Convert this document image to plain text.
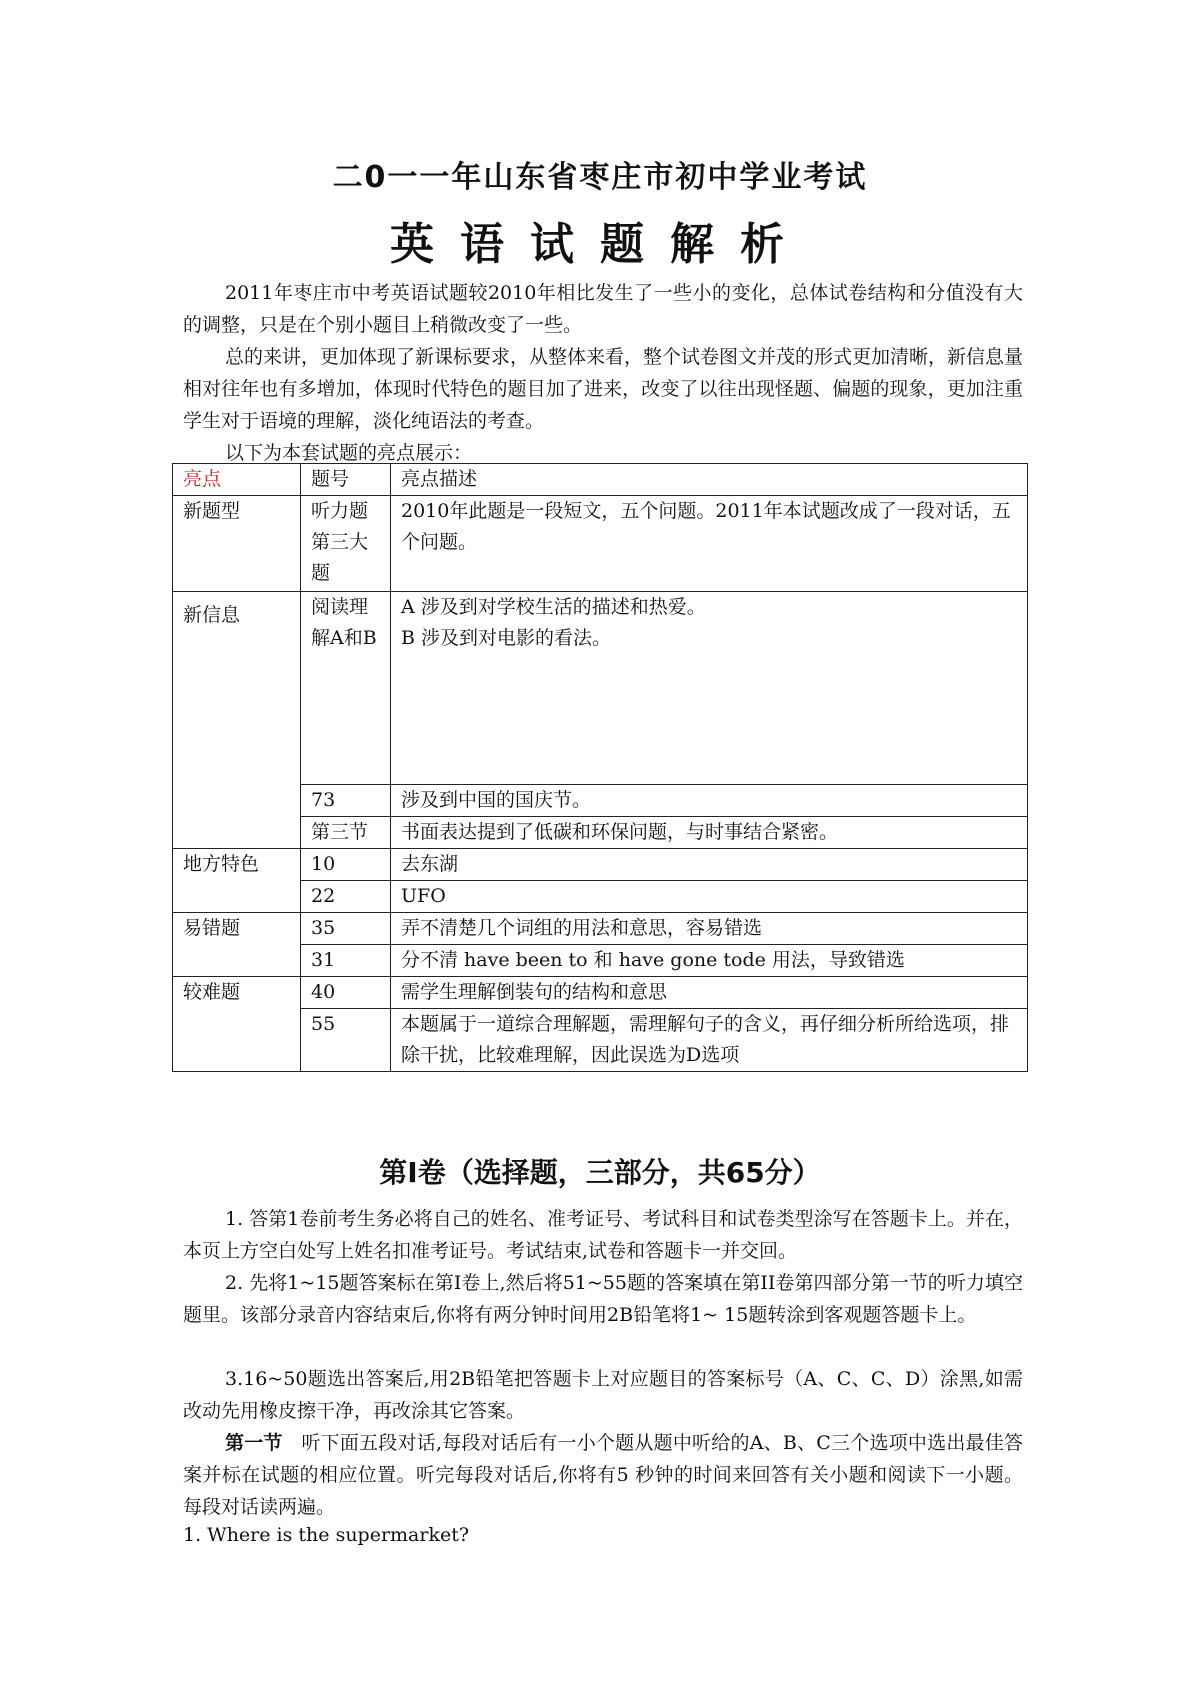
二0一一年山东省枣庄市初中学业考试
英语试题解析
2011年枣庄市中考英语试题较2010年相比发生了一些小的变化，总体试卷结构和分值没有大的调整，只是在个别小题目上稍微改变了一些。
总的来讲，更加体现了新课标要求，从整体来看，整个试卷图文并茂的形式更加清晰，新信息量相对往年也有多增加，体现时代特色的题目加了进来，改变了以往出现怪题、偏题的现象，更加注重学生对于语境的理解，淡化纯语法的考查。
以下为本套试题的亮点展示：
亮点	题号	亮点描述
新题型	听力题第三大题	2010年此题是一段短文，五个问题。2011年本试题改成了一段对话，五个问题。

新信息	阅读理解A和B	A 涉及到对学校生活的描述和热爱。
B 涉及到对电影的看法。

	73	涉及到中国的国庆节。
	第三节	书面表达提到了低碳和环保问题，与时事结合紧密。
地方特色	10	去东湖
	22	UFO
易错题	35	弄不清楚几个词组的用法和意思，容易错选
	31	分不清 have been to 和 have gone tode 用法，导致错选
较难题	40	需学生理解倒装句的结构和意思
	55	本题属于一道综合理解题，需理解句子的含义，再仔细分析所给选项，排除干扰，比较难理解，因此误选为D选项
第I卷（选择题，三部分，共65分）
1. 答第1卷前考生务必将自己的姓名、准考证号、考试科目和试卷类型涂写在答题卡上。并在，本页上方空白处写上姓名扣准考证号。考试结束,试卷和答题卡一并交回。
2. 先将1~15题答案标在第I卷上,然后将51~55题的答案填在第II卷第四部分第一节的听力填空题里。该部分录音内容结束后,你将有两分钟时间用2B铅笔将1~ 15题转涂到客观题答题卡上。
3.16~50题选出答案后,用2B铅笔把答题卡上对应题目的答案标号（A、C、C、D）涂黑,如需改动先用橡皮擦干净，再改涂其它答案。
第一节 听下面五段对话,每段对话后有一小个题从题中听给的A、B、C三个选项中选出最佳答案并标在试题的相应位置。听完每段对话后,你将有5 秒钟的时间来回答有关小题和阅读下一小题。每段对话读两遍。
1. Where is the supermarket?
